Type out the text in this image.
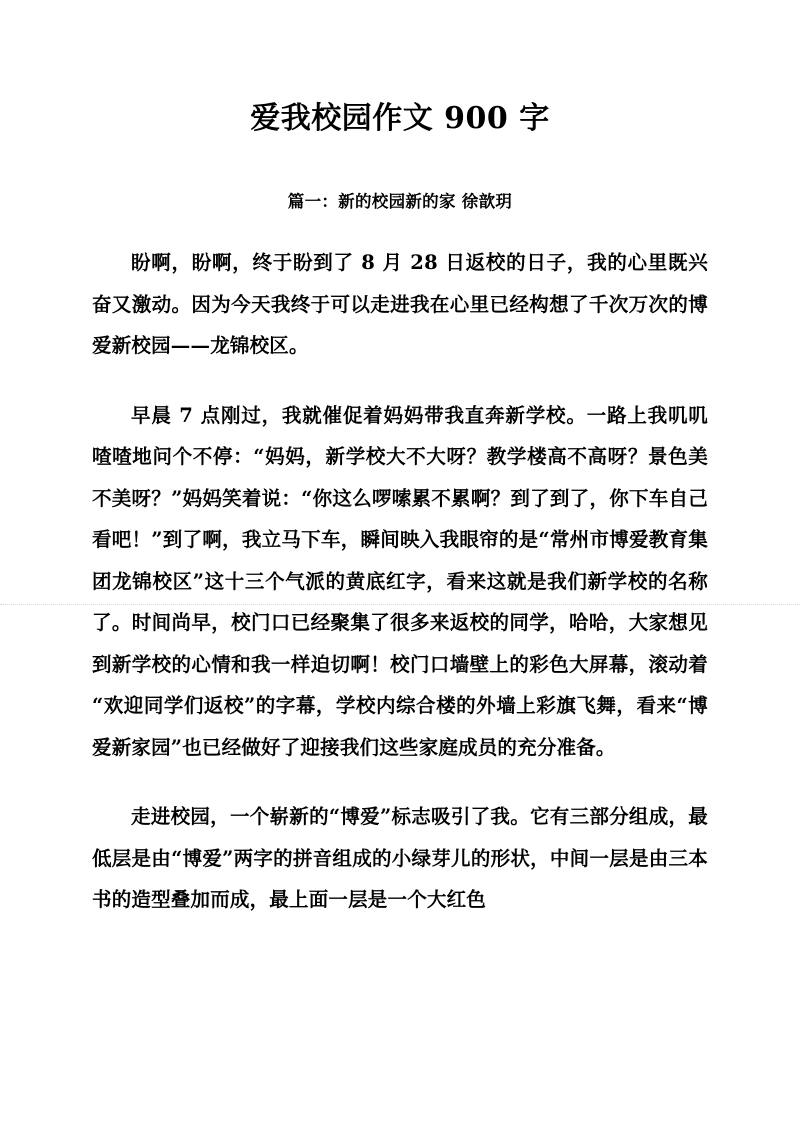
爱我校园作文 900 字
篇一：新的校园新的家 徐歆玥

盼啊，盼啊，终于盼到了 8 月 28 日返校的日子，我的心里既兴奋又激动。因为今天我终于可以走进我在心里已经构想了千次万次的博爱新校园——龙锦校区。

早晨 7 点刚过，我就催促着妈妈带我直奔新学校。一路上我叽叽喳喳地问个不停：“妈妈，新学校大不大呀？教学楼高不高呀？景色美不美呀？”妈妈笑着说：“你这么啰嗦累不累啊？到了到了，你下车自己看吧！”到了啊，我立马下车，瞬间映入我眼帘的是“常州市博爱教育集团龙锦校区”这十三个气派的黄底红字，看来这就是我们新学校的名称了。时间尚早，校门口已经聚集了很多来返校的同学，哈哈，大家想见到新学校的心情和我一样迫切啊！校门口墙壁上的彩色大屏幕，滚动着“欢迎同学们返校”的字幕，学校内综合楼的外墙上彩旗飞舞，看来“博爱新家园”也已经做好了迎接我们这些家庭成员的充分准备。

走进校园，一个崭新的“博爱”标志吸引了我。它有三部分组成，最低层是由“博爱”两字的拼音组成的小绿芽儿的形状，中间一层是由三本书的造型叠加而成，最上面一层是一个大红色
